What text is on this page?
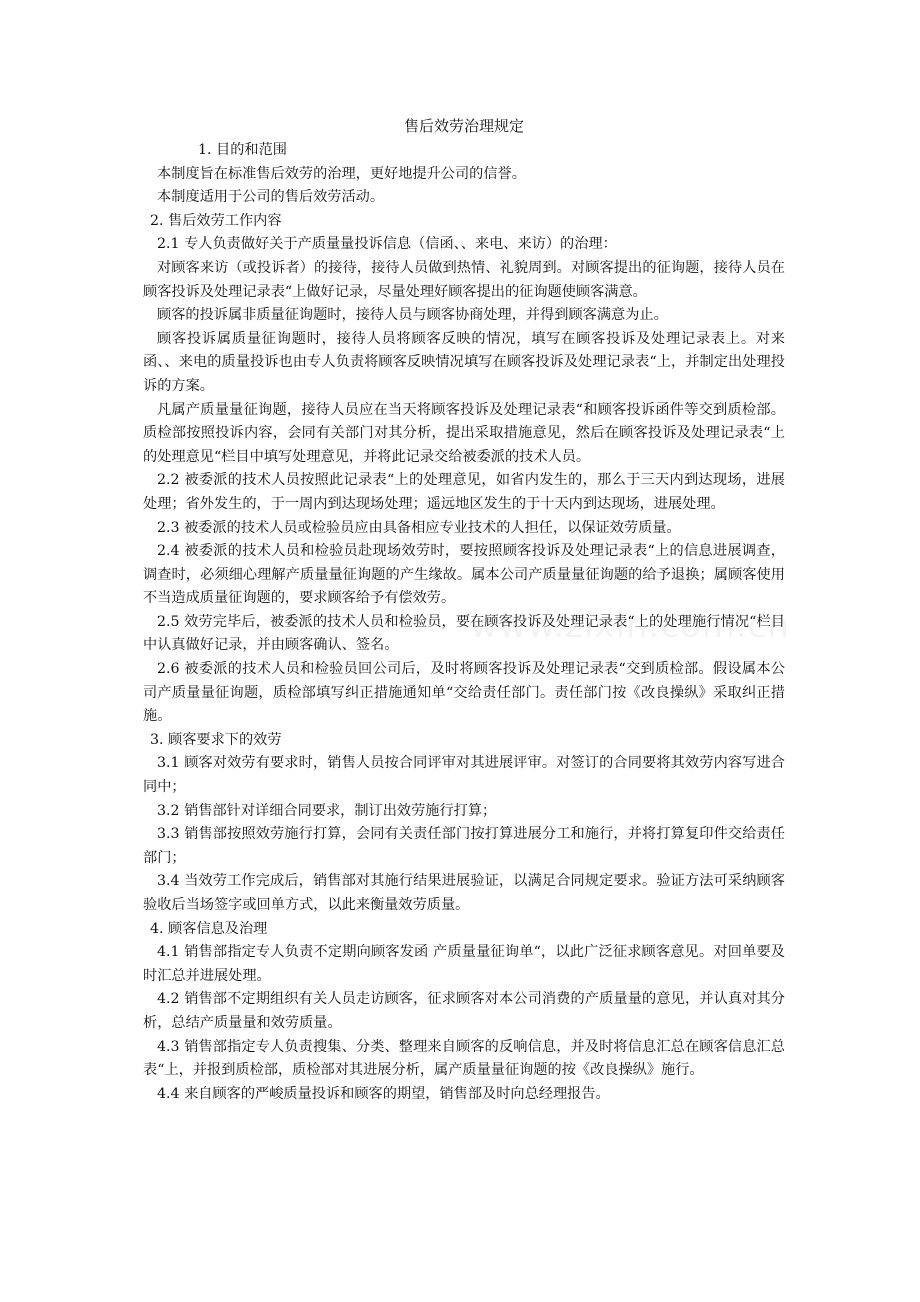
售后效劳治理规定

1. 目的和范围

本制度旨在标准售后效劳的治理，更好地提升公司的信誉。

本制度适用于公司的售后效劳活动。

2. 售后效劳工作内容

2.1 专人负责做好关于产质量量投诉信息（信函、、来电、来访）的治理：

对顾客来访（或投诉者）的接待，接待人员做到热情、礼貌周到。对顾客提出的征询题，接待人员在顾客投诉及处理记录表“上做好记录，尽量处理好顾客提出的征询题使顾客满意。

顾客的投诉属非质量征询题时，接待人员与顾客协商处理，并得到顾客满意为止。

顾客投诉属质量征询题时，接待人员将顾客反映的情况，填写在顾客投诉及处理记录表上。对来函、、来电的质量投诉也由专人负责将顾客反映情况填写在顾客投诉及处理记录表“上，并制定出处理投诉的方案。

凡属产质量量征询题，接待人员应在当天将顾客投诉及处理记录表“和顾客投诉函件等交到质检部。质检部按照投诉内容，会同有关部门对其分析，提出采取措施意见，然后在顾客投诉及处理记录表“上的处理意见“栏目中填写处理意见，并将此记录交给被委派的技术人员。

2.2 被委派的技术人员按照此记录表“上的处理意见，如省内发生的，那么于三天内到达现场，进展处理；省外发生的，于一周内到达现场处理；遥远地区发生的于十天内到达现场，进展处理。

2.3 被委派的技术人员或检验员应由具备相应专业技术的人担任，以保证效劳质量。

2.4 被委派的技术人员和检验员赴现场效劳时，要按照顾客投诉及处理记录表“上的信息进展调查，调查时，必须细心理解产质量量征询题的产生缘故。属本公司产质量量征询题的给予退换；属顾客使用不当造成质量征询题的，要求顾客给予有偿效劳。

2.5 效劳完毕后，被委派的技术人员和检验员，要在顾客投诉及处理记录表“上的处理施行情况“栏目中认真做好记录，并由顾客确认、签名。

2.6 被委派的技术人员和检验员回公司后，及时将顾客投诉及处理记录表“交到质检部。假设属本公司产质量量征询题，质检部填写纠正措施通知单“交给责任部门。责任部门按《改良操纵》采取纠正措施。

3. 顾客要求下的效劳

3.1 顾客对效劳有要求时，销售人员按合同评审对其进展评审。对签订的合同要将其效劳内容写进合同中；

3.2 销售部针对详细合同要求，制订出效劳施行打算；

3.3 销售部按照效劳施行打算，会同有关责任部门按打算进展分工和施行，并将打算复印件交给责任部门；

3.4 当效劳工作完成后，销售部对其施行结果进展验证，以满足合同规定要求。验证方法可采纳顾客验收后当场签字或回单方式，以此来衡量效劳质量。

4. 顾客信息及治理

4.1 销售部指定专人负责不定期向顾客发函 产质量量征询单“，以此广泛征求顾客意见。对回单要及时汇总并进展处理。

4.2 销售部不定期组织有关人员走访顾客，征求顾客对本公司消费的产质量量的意见，并认真对其分析，总结产质量量和效劳质量。

4.3 销售部指定专人负责搜集、分类、整理来自顾客的反响信息，并及时将信息汇总在顾客信息汇总表“上，并报到质检部，质检部对其进展分析，属产质量量征询题的按《改良操纵》施行。

4.4 来自顾客的严峻质量投诉和顾客的期望，销售部及时向总经理报告。
